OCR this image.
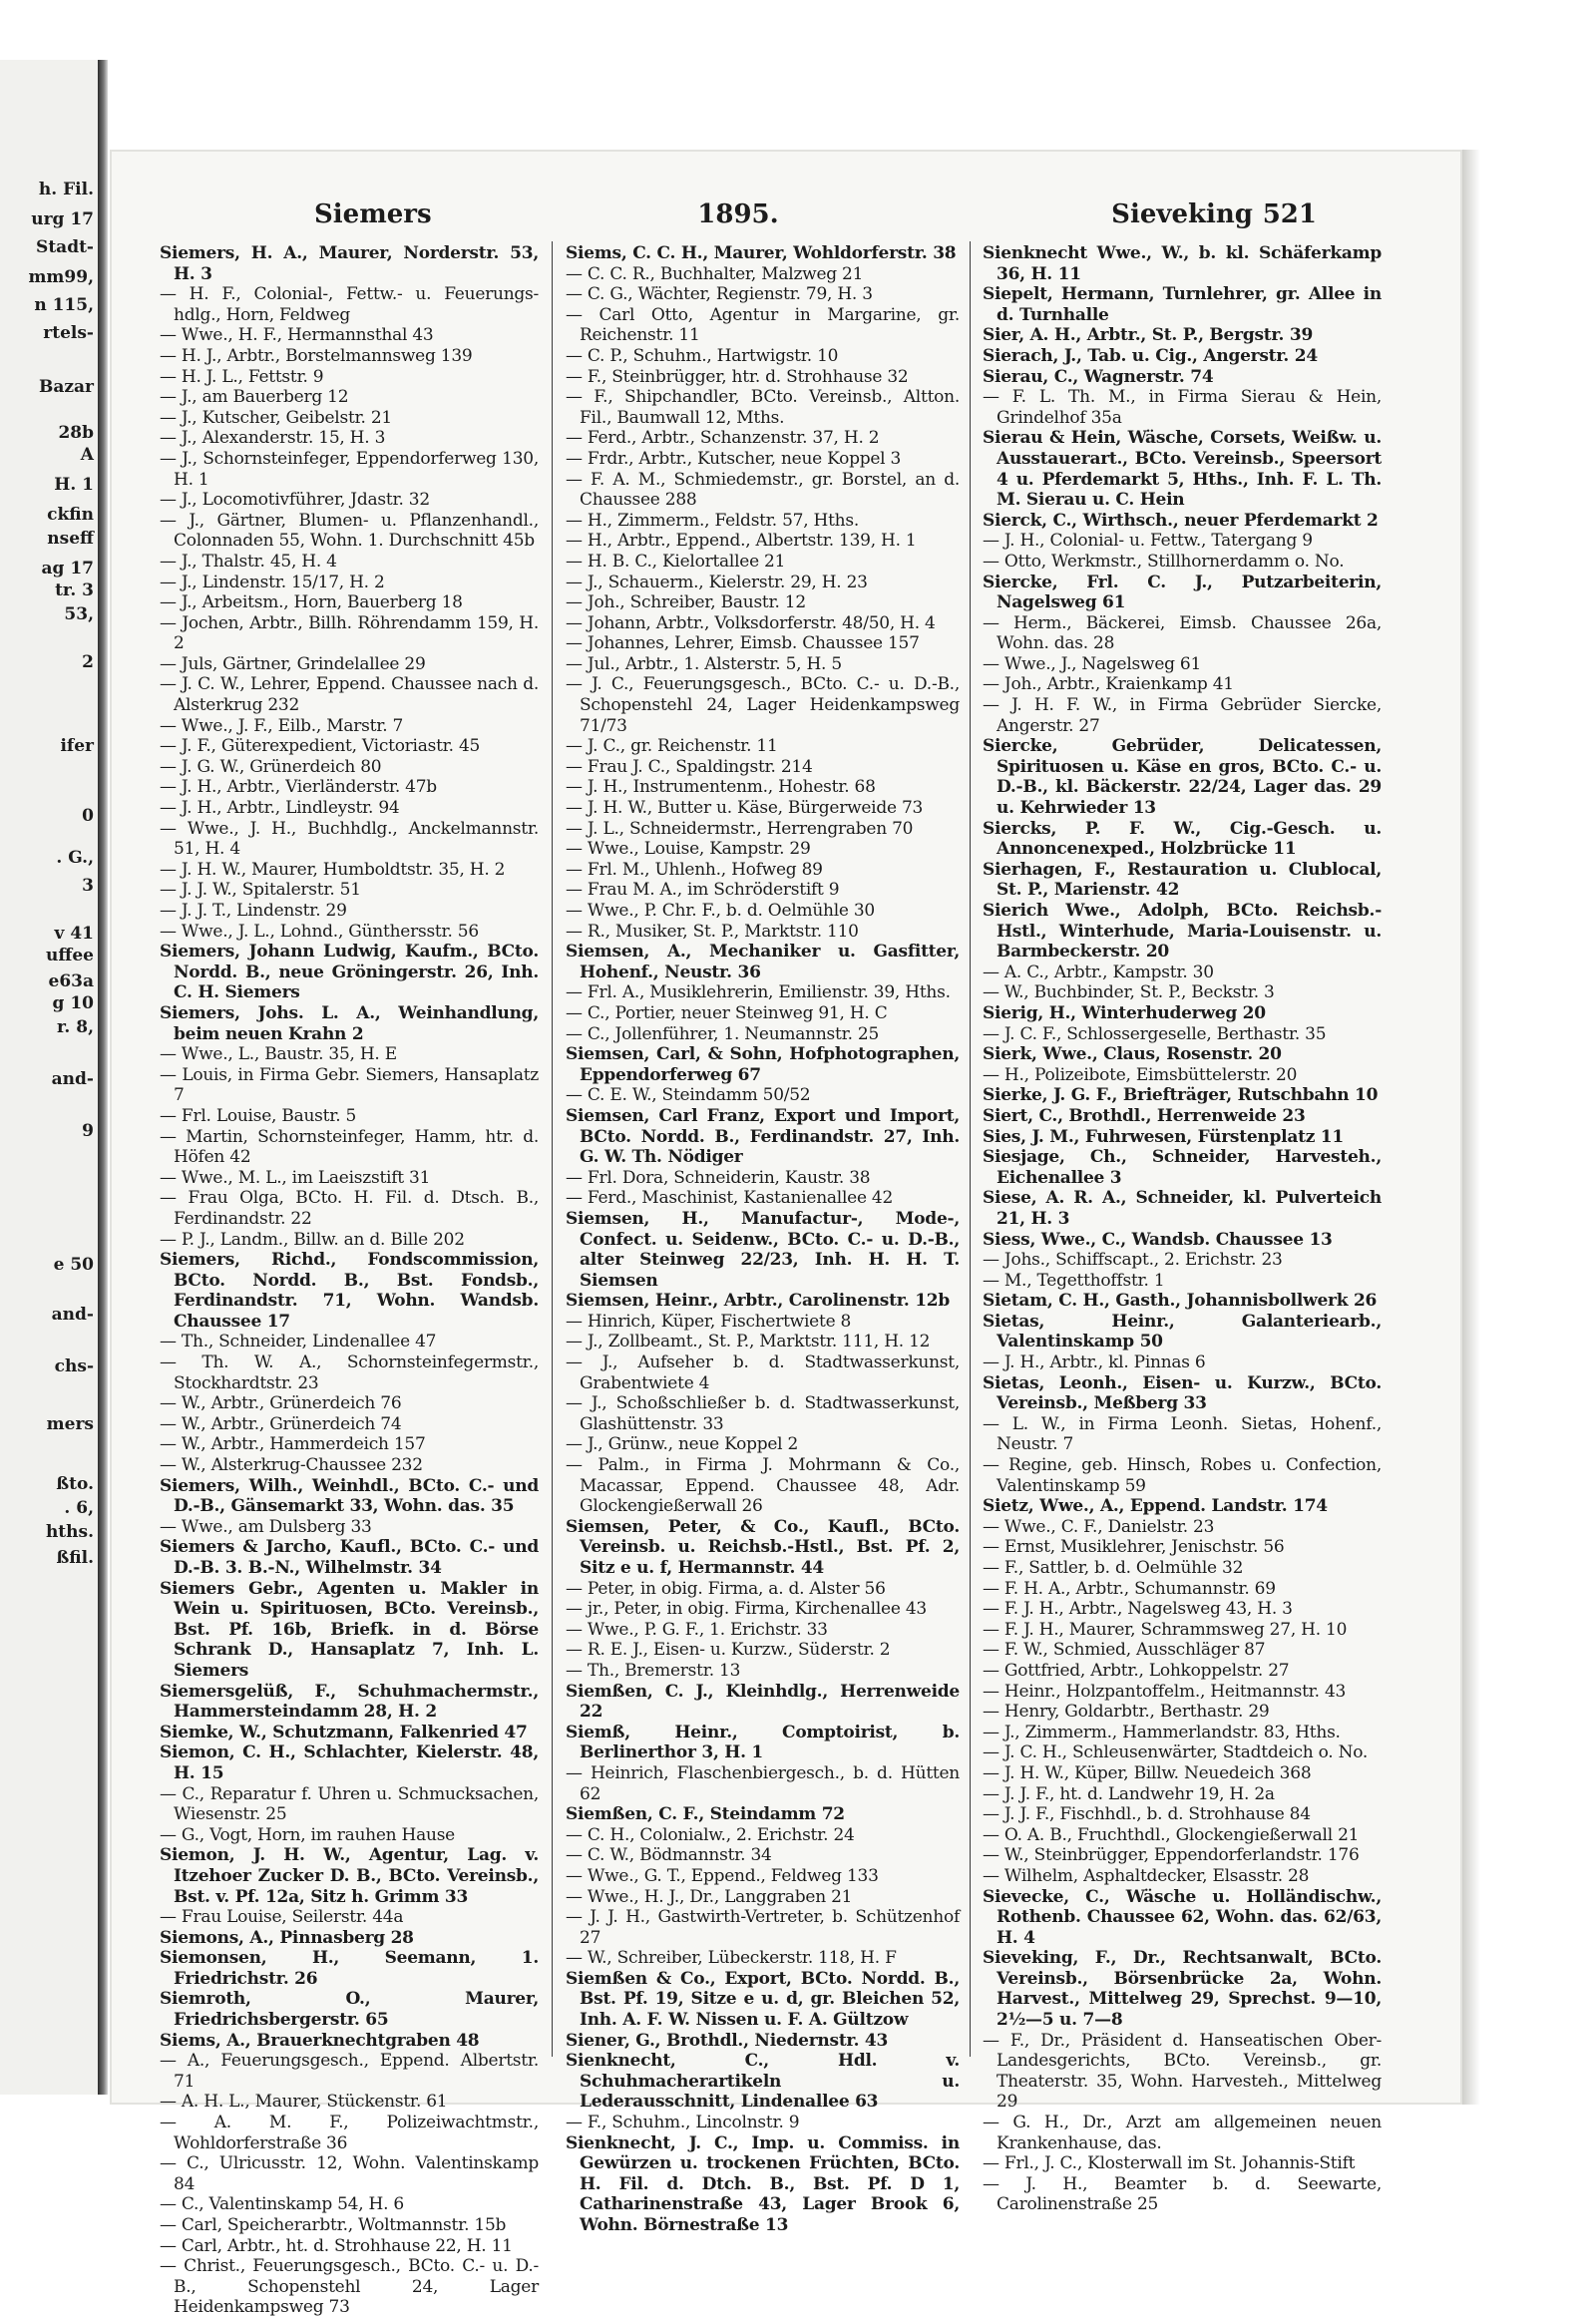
h. Fil.
urg 17
Stadt-
mm99,
n 115,
rtels-
Bazar
28b
A
H. 1
ckfin
nseff
ag 17
tr. 3
53,
2
ifer
0
. G.,
3
v 41
uffee
e63a
g 10
r. 8,
and-
9
e 50
and-
chs-
mers
ßto.
. 6,
hths.
ßfil.
1895.
Siemers	Sieveking 521
Siemers, H. A., Maurer, Norderstr. 53, H. 3
— H. F., Colonial-, Fettw.- u. Feuerungs-hdlg., Horn, Feldweg
— Wwe., H. F., Hermannsthal 43
— H. J., Arbtr., Borstelmannsweg 139
— H. J. L., Fettstr. 9
— J., am Bauerberg 12
— J., Kutscher, Geibelstr. 21
— J., Alexanderstr. 15, H. 3
— J., Schornsteinfeger, Eppendorferweg 130, H. 1
— J., Locomotivführer, Jdastr. 32
— J., Gärtner, Blumen- u. Pflanzenhandl., Colonnaden 55, Wohn. 1. Durchschnitt 45b
— J., Thalstr. 45, H. 4
— J., Lindenstr. 15/17, H. 2
— J., Arbeitsm., Horn, Bauerberg 18
— Jochen, Arbtr., Billh. Röhrendamm 159, H. 2
— Juls, Gärtner, Grindelallee 29
— J. C. W., Lehrer, Eppend. Chaussee nach d. Alsterkrug 232
— Wwe., J. F., Eilb., Marstr. 7
— J. F., Güterexpedient, Victoriastr. 45
— J. G. W., Grünerdeich 80
— J. H., Arbtr., Vierländerstr. 47b
— J. H., Arbtr., Lindleystr. 94
— Wwe., J. H., Buchhdlg., Anckelmannstr. 51, H. 4
— J. H. W., Maurer, Humboldtstr. 35, H. 2
— J. J. W., Spitalerstr. 51
— J. J. T., Lindenstr. 29
— Wwe., J. L., Lohnd., Günthersstr. 56
Siemers, Johann Ludwig, Kaufm., BCto. Nordd. B., neue Gröningerstr. 26, Inh. C. H. Siemers
Siemers, Johs. L. A., Weinhandlung, beim neuen Krahn 2
— Wwe., L., Baustr. 35, H. E
— Louis, in Firma Gebr. Siemers, Hansaplatz 7
— Frl. Louise, Baustr. 5
— Martin, Schornsteinfeger, Hamm, htr. d. Höfen 42
— Wwe., M. L., im Laeiszstift 31
— Frau Olga, BCto. H. Fil. d. Dtsch. B., Ferdinandstr. 22
— P. J., Landm., Billw. an d. Bille 202
Siemers, Richd., Fondscommission, BCto. Nordd. B., Bst. Fondsb., Ferdinandstr. 71, Wohn. Wandsb. Chaussee 17
— Th., Schneider, Lindenallee 47
— Th. W. A., Schornsteinfegermstr., Stockhardtstr. 23
— W., Arbtr., Grünerdeich 76
— W., Arbtr., Grünerdeich 74
— W., Arbtr., Hammerdeich 157
— W., Alsterkrug-Chaussee 232
Siemers, Wilh., Weinhdl., BCto. C.- und D.-B., Gänsemarkt 33, Wohn. das. 35
— Wwe., am Dulsberg 33
Siemers & Jarcho, Kaufl., BCto. C.- und D.-B. 3. B.-N., Wilhelmstr. 34
Siemers Gebr., Agenten u. Makler in Wein u. Spirituosen, BCto. Vereinsb., Bst. Pf. 16b, Briefk. in d. Börse Schrank D., Hansaplatz 7, Inh. L. Siemers
Siemersgelüß, F., Schuhmachermstr., Hammersteindamm 28, H. 2
Siemke, W., Schutzmann, Falkenried 47
Siemon, C. H., Schlachter, Kielerstr. 48, H. 15
— C., Reparatur f. Uhren u. Schmucksachen, Wiesenstr. 25
— G., Vogt, Horn, im rauhen Hause
Siemon, J. H. W., Agentur, Lag. v. Itzehoer Zucker D. B., BCto. Vereinsb., Bst. v. Pf. 12a, Sitz h. Grimm 33
— Frau Louise, Seilerstr. 44a
Siemons, A., Pinnasberg 28
Siemonsen, H., Seemann, 1. Friedrichstr. 26
Siemroth, O., Maurer, Friedrichsbergerstr. 65
Siems, A., Brauerknechtgraben 48
— A., Feuerungsgesch., Eppend. Albertstr. 71
— A. H. L., Maurer, Stückenstr. 61
— A. M. F., Polizeiwachtmstr., Wohldorferstraße 36
— C., Ulricusstr. 12, Wohn. Valentinskamp 84
— C., Valentinskamp 54, H. 6
— Carl, Speicherarbtr., Woltmannstr. 15b
— Carl, Arbtr., ht. d. Strohhause 22, H. 11
— Christ., Feuerungsgesch., BCto. C.- u. D.-B., Schopenstehl 24, Lager Heidenkampsweg 73
Siems, C. C. H., Maurer, Wohldorferstr. 38
— C. C. R., Buchhalter, Malzweg 21
— C. G., Wächter, Regienstr. 79, H. 3
— Carl Otto, Agentur in Margarine, gr. Reichenstr. 11
— C. P., Schuhm., Hartwigstr. 10
— F., Steinbrügger, htr. d. Strohhause 32
— F., Shipchandler, BCto. Vereinsb., Altton. Fil., Baumwall 12, Mths.
— Ferd., Arbtr., Schanzenstr. 37, H. 2
— Frdr., Arbtr., Kutscher, neue Koppel 3
— F. A. M., Schmiedemstr., gr. Borstel, an d. Chaussee 288
— H., Zimmerm., Feldstr. 57, Hths.
— H., Arbtr., Eppend., Albertstr. 139, H. 1
— H. B. C., Kielortallee 21
— J., Schauerm., Kielerstr. 29, H. 23
— Joh., Schreiber, Baustr. 12
— Johann, Arbtr., Volksdorferstr. 48/50, H. 4
— Johannes, Lehrer, Eimsb. Chaussee 157
— Jul., Arbtr., 1. Alsterstr. 5, H. 5
— J. C., Feuerungsgesch., BCto. C.- u. D.-B., Schopenstehl 24, Lager Heidenkampsweg 71/73
— J. C., gr. Reichenstr. 11
— Frau J. C., Spaldingstr. 214
— J. H., Instrumentenm., Hohestr. 68
— J. H. W., Butter u. Käse, Bürgerweide 73
— J. L., Schneidermstr., Herrengraben 70
— Wwe., Louise, Kampstr. 29
— Frl. M., Uhlenh., Hofweg 89
— Frau M. A., im Schröderstift 9
— Wwe., P. Chr. F., b. d. Oelmühle 30
— R., Musiker, St. P., Marktstr. 110
Siemsen, A., Mechaniker u. Gasfitter, Hohenf., Neustr. 36
— Frl. A., Musiklehrerin, Emilienstr. 39, Hths.
— C., Portier, neuer Steinweg 91, H. C
— C., Jollenführer, 1. Neumannstr. 25
Siemsen, Carl, & Sohn, Hofphotographen, Eppendorferweg 67
— C. E. W., Steindamm 50/52
Siemsen, Carl Franz, Export und Import, BCto. Nordd. B., Ferdinandstr. 27, Inh. G. W. Th. Nödiger
— Frl. Dora, Schneiderin, Kaustr. 38
— Ferd., Maschinist, Kastanienallee 42
Siemsen, H., Manufactur-, Mode-, Confect. u. Seidenw., BCto. C.- u. D.-B., alter Steinweg 22/23, Inh. H. H. T. Siemsen
Siemsen, Heinr., Arbtr., Carolinenstr. 12b
— Hinrich, Küper, Fischertwiete 8
— J., Zollbeamt., St. P., Marktstr. 111, H. 12
— J., Aufseher b. d. Stadtwasserkunst, Grabentwiete 4
— J., Schoßschließer b. d. Stadtwasserkunst, Glashüttenstr. 33
— J., Grünw., neue Koppel 2
— Palm., in Firma J. Mohrmann & Co., Macassar, Eppend. Chaussee 48, Adr. Glockengießerwall 26
Siemsen, Peter, & Co., Kaufl., BCto. Vereinsb. u. Reichsb.-Hstl., Bst. Pf. 2, Sitz e u. f, Hermannstr. 44
— Peter, in obig. Firma, a. d. Alster 56
— jr., Peter, in obig. Firma, Kirchenallee 43
— Wwe., P. G. F., 1. Erichstr. 33
— R. E. J., Eisen- u. Kurzw., Süderstr. 2
— Th., Bremerstr. 13
Siemßen, C. J., Kleinhdlg., Herrenweide 22
Siemß, Heinr., Comptoirist, b. Berlinerthor 3, H. 1
— Heinrich, Flaschenbiergesch., b. d. Hütten 62
Siemßen, C. F., Steindamm 72
— C. H., Colonialw., 2. Erichstr. 24
— C. W., Bödmannstr. 34
— Wwe., G. T., Eppend., Feldweg 133
— Wwe., H. J., Dr., Langgraben 21
— J. J. H., Gastwirth-Vertreter, b. Schützenhof 27
— W., Schreiber, Lübeckerstr. 118, H. F
Siemßen & Co., Export, BCto. Nordd. B., Bst. Pf. 19, Sitze e u. d, gr. Bleichen 52, Inh. A. F. W. Nissen u. F. A. Gültzow
Siener, G., Brothdl., Niedernstr. 43
Sienknecht, C., Hdl. v. Schuhmacherartikeln u. Lederausschnitt, Lindenallee 63
— F., Schuhm., Lincolnstr. 9
Sienknecht, J. C., Imp. u. Commiss. in Gewürzen u. trockenen Früchten, BCto. H. Fil. d. Dtch. B., Bst. Pf. D 1, Catharinenstraße 43, Lager Brook 6, Wohn. Börnestraße 13
Sienknecht Wwe., W., b. kl. Schäferkamp 36, H. 11
Siepelt, Hermann, Turnlehrer, gr. Allee in d. Turnhalle
Sier, A. H., Arbtr., St. P., Bergstr. 39
Sierach, J., Tab. u. Cig., Angerstr. 24
Sierau, C., Wagnerstr. 74
— F. L. Th. M., in Firma Sierau & Hein, Grindelhof 35a
Sierau & Hein, Wäsche, Corsets, Weißw. u. Ausstauerart., BCto. Vereinsb., Speersort 4 u. Pferdemarkt 5, Hths., Inh. F. L. Th. M. Sierau u. C. Hein
Sierck, C., Wirthsch., neuer Pferdemarkt 2
— J. H., Colonial- u. Fettw., Tatergang 9
— Otto, Werkmstr., Stillhornerdamm o. No.
Siercke, Frl. C. J., Putzarbeiterin, Nagelsweg 61
— Herm., Bäckerei, Eimsb. Chaussee 26a, Wohn. das. 28
— Wwe., J., Nagelsweg 61
— Joh., Arbtr., Kraienkamp 41
— J. H. F. W., in Firma Gebrüder Siercke, Angerstr. 27
Siercke, Gebrüder, Delicatessen, Spirituosen u. Käse en gros, BCto. C.- u. D.-B., kl. Bäckerstr. 22/24, Lager das. 29 u. Kehrwieder 13
Siercks, P. F. W., Cig.-Gesch. u. Annoncenexped., Holzbrücke 11
Sierhagen, F., Restauration u. Clublocal, St. P., Marienstr. 42
Sierich Wwe., Adolph, BCto. Reichsb.-Hstl., Winterhude, Maria-Louisenstr. u. Barmbeckerstr. 20
— A. C., Arbtr., Kampstr. 30
— W., Buchbinder, St. P., Beckstr. 3
Sierig, H., Winterhuderweg 20
— J. C. F., Schlossergeselle, Berthastr. 35
Sierk, Wwe., Claus, Rosenstr. 20
— H., Polizeibote, Eimsbüttelerstr. 20
Sierke, J. G. F., Briefträger, Rutschbahn 10
Siert, C., Brothdl., Herrenweide 23
Sies, J. M., Fuhrwesen, Fürstenplatz 11
Siesjage, Ch., Schneider, Harvesteh., Eichenallee 3
Siese, A. R. A., Schneider, kl. Pulverteich 21, H. 3
Siess, Wwe., C., Wandsb. Chaussee 13
— Johs., Schiffscapt., 2. Erichstr. 23
— M., Tegetthoffstr. 1
Sietam, C. H., Gasth., Johannisbollwerk 26
Sietas, Heinr., Galanteriearb., Valentinskamp 50
— J. H., Arbtr., kl. Pinnas 6
Sietas, Leonh., Eisen- u. Kurzw., BCto. Vereinsb., Meßberg 33
— L. W., in Firma Leonh. Sietas, Hohenf., Neustr. 7
— Regine, geb. Hinsch, Robes u. Confection, Valentinskamp 59
Sietz, Wwe., A., Eppend. Landstr. 174
— Wwe., C. F., Danielstr. 23
— Ernst, Musiklehrer, Jenischstr. 56
— F., Sattler, b. d. Oelmühle 32
— F. H. A., Arbtr., Schumannstr. 69
— F. J. H., Arbtr., Nagelsweg 43, H. 3
— F. J. H., Maurer, Schrammsweg 27, H. 10
— F. W., Schmied, Ausschläger 87
— Gottfried, Arbtr., Lohkoppelstr. 27
— Heinr., Holzpantoffelm., Heitmannstr. 43
— Henry, Goldarbtr., Berthastr. 29
— J., Zimmerm., Hammerlandstr. 83, Hths.
— J. C. H., Schleusenwärter, Stadtdeich o. No.
— J. H. W., Küper, Billw. Neuedeich 368
— J. J. F., ht. d. Landwehr 19, H. 2a
— J. J. F., Fischhdl., b. d. Strohhause 84
— O. A. B., Fruchthdl., Glockengießerwall 21
— W., Steinbrügger, Eppendorferlandstr. 176
— Wilhelm, Asphaltdecker, Elsasstr. 28
Sievecke, C., Wäsche u. Holländischw., Rothenb. Chaussee 62, Wohn. das. 62/63, H. 4
Sieveking, F., Dr., Rechtsanwalt, BCto. Vereinsb., Börsenbrücke 2a, Wohn. Harvest., Mittelweg 29, Sprechst. 9—10, 2½—5 u. 7—8
— F., Dr., Präsident d. Hanseatischen Ober-Landesgerichts, BCto. Vereinsb., gr. Theaterstr. 35, Wohn. Harvesteh., Mittelweg 29
— G. H., Dr., Arzt am allgemeinen neuen Krankenhause, das.
— Frl., J. C., Klosterwall im St. Johannis-Stift
— J. H., Beamter b. d. Seewarte, Carolinenstraße 25
